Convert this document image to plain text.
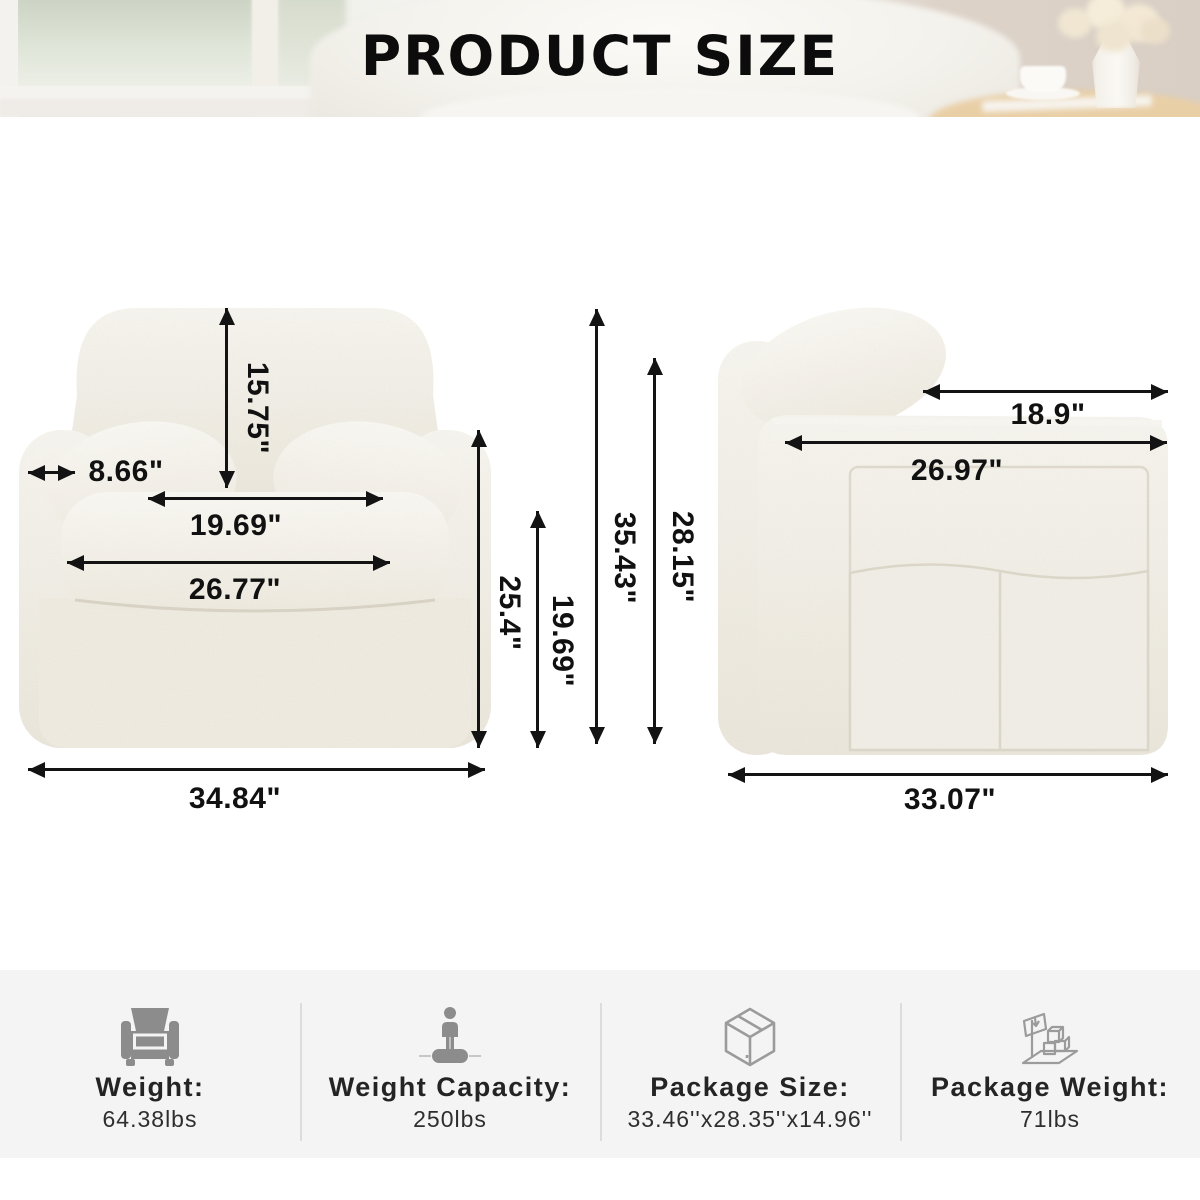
PRODUCT SIZE
15.75"
8.66"
19.69"
26.77"	25.4" 19.69"
35.43" 28.15"
34.84"
18.9"
26.97"
33.07"
Weight:
64.38lbs
Weight Capacity:
250lbs
Package Size:
33.46''x28.35''x14.96''
Package Weight:
71lbs
